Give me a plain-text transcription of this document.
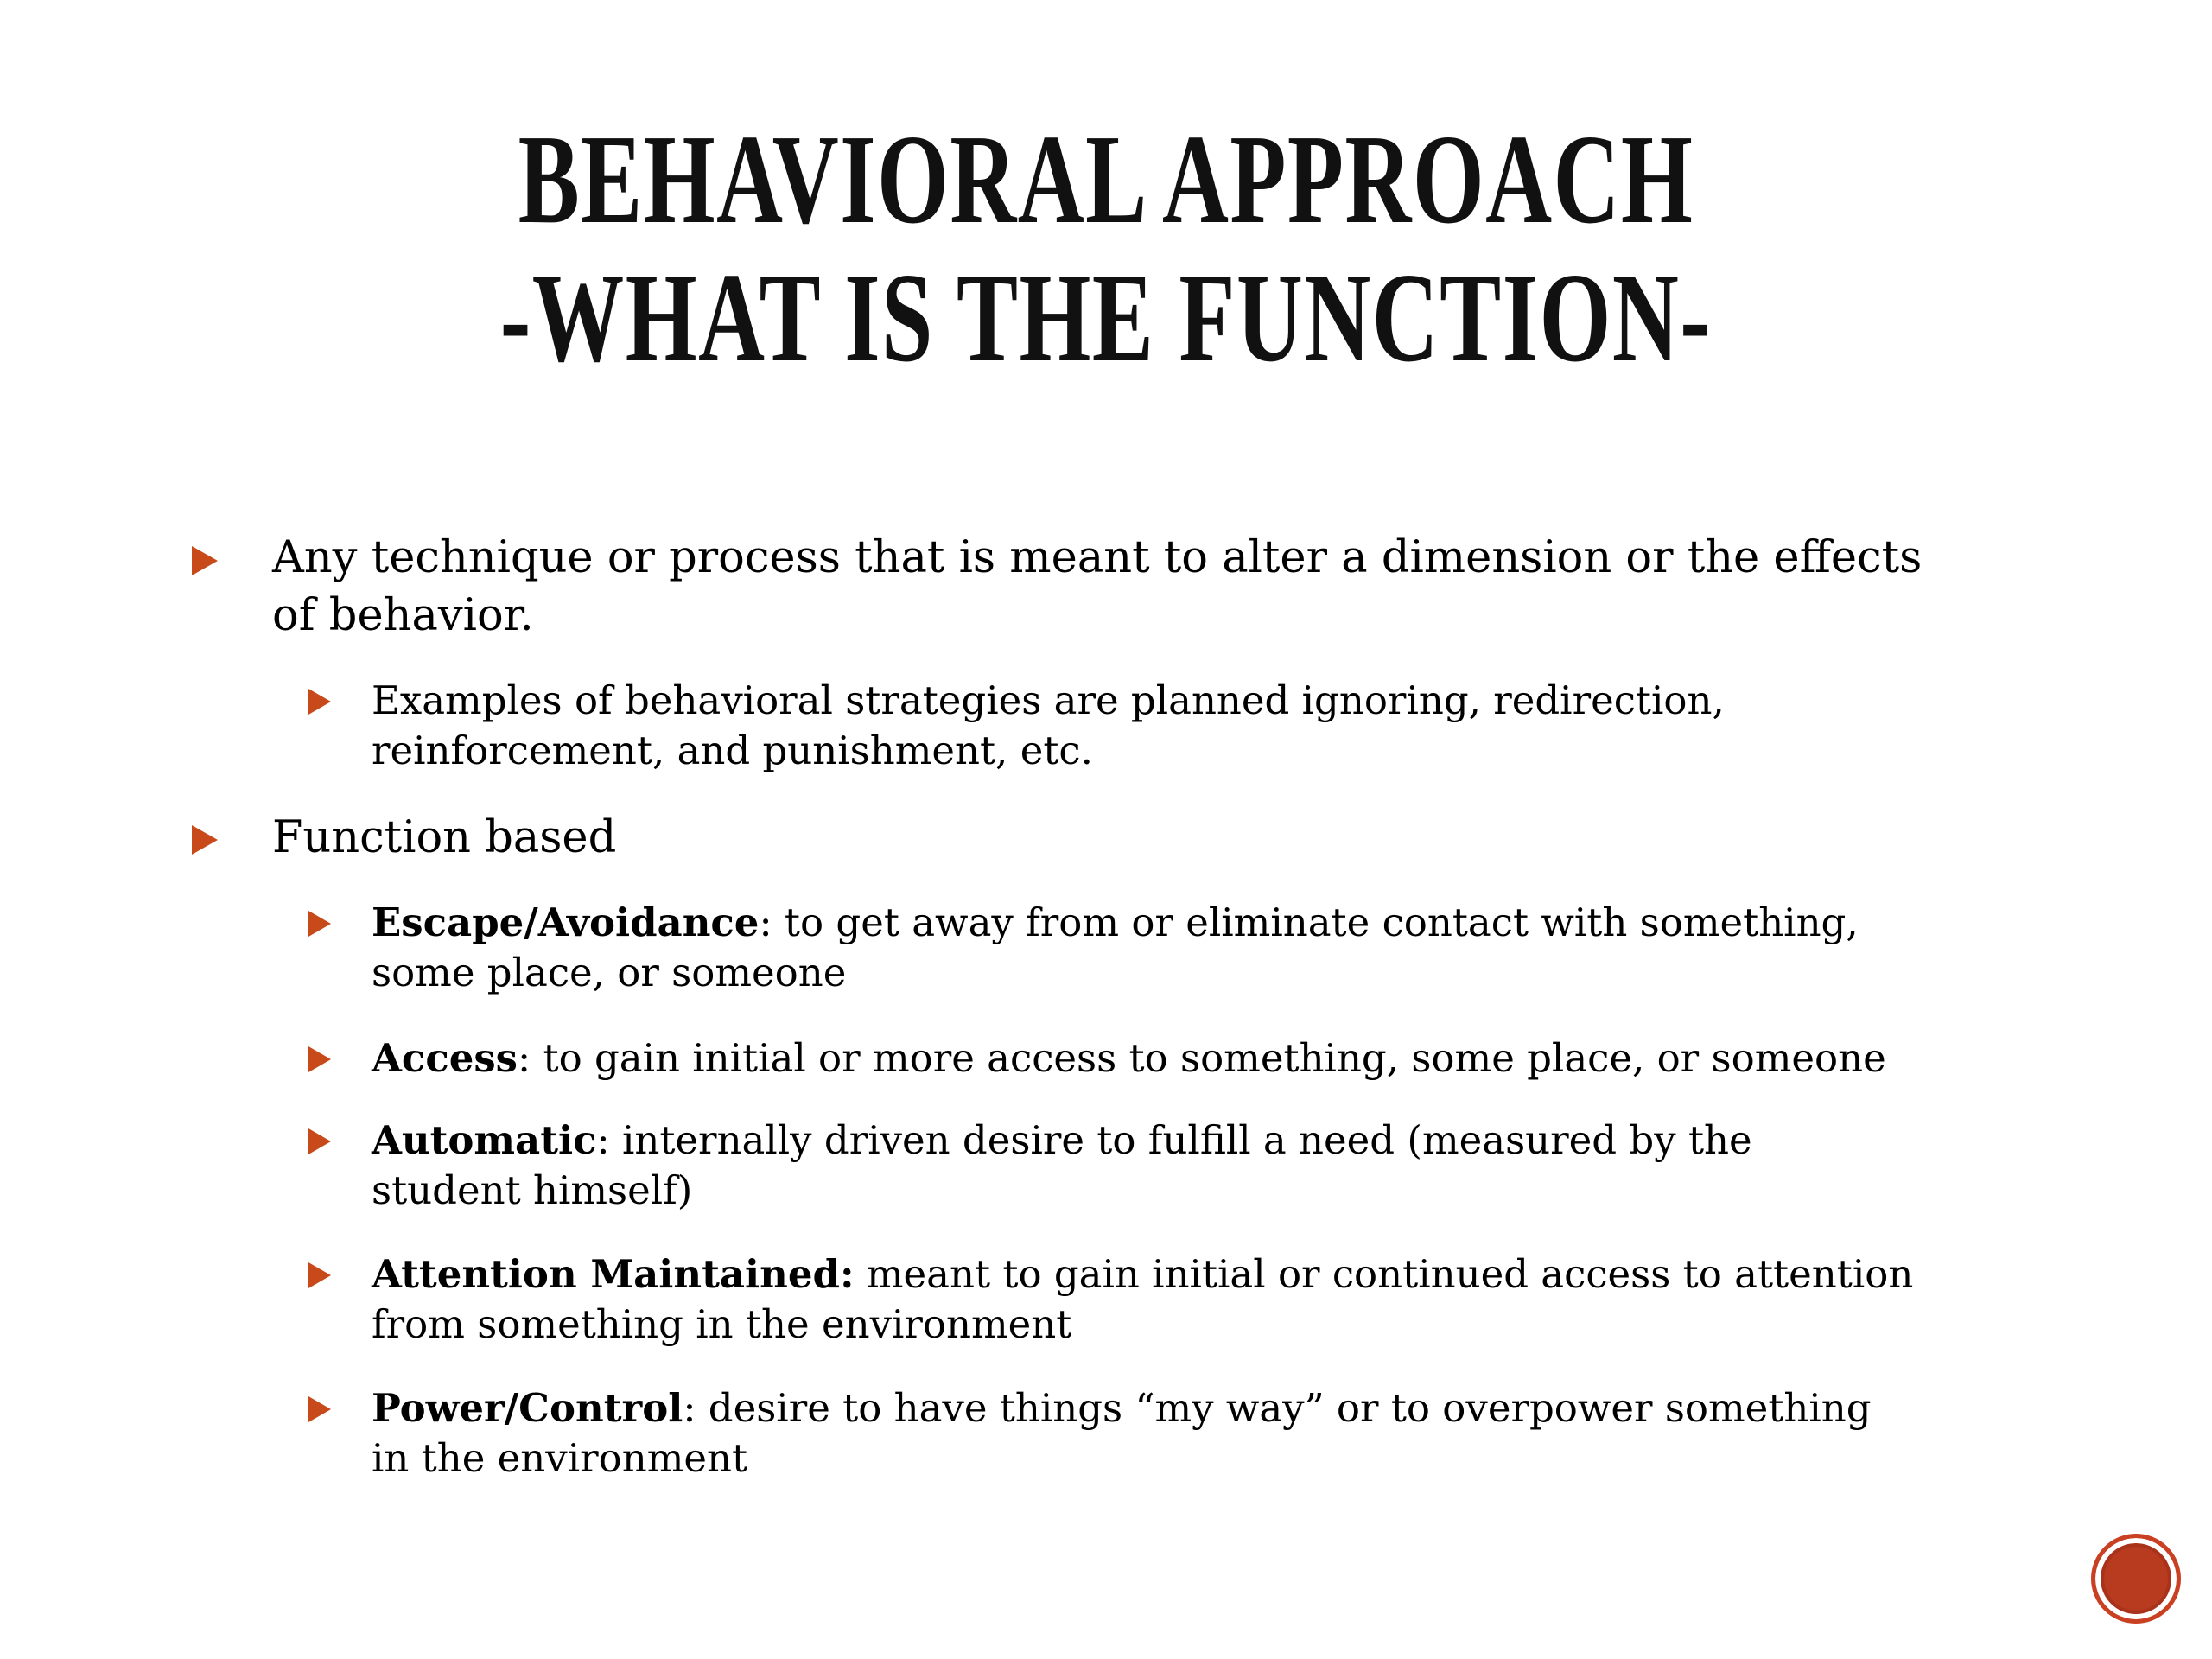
BEHAVIORAL APPROACH
-WHAT IS THE FUNCTION-
Any technique or process that is meant to alter a dimension or the effects
of behavior.
Examples of behavioral strategies are planned ignoring, redirection,
reinforcement, and punishment, etc.
Function based
Escape/Avoidance: to get away from or eliminate contact with something,
some place, or someone
Access: to gain initial or more access to something, some place, or someone
Automatic: internally driven desire to fulfill a need (measured by the
student himself)
Attention Maintained: meant to gain initial or continued access to attention
from something in the environment
Power/Control: desire to have things “my way” or to overpower something
in the environment
